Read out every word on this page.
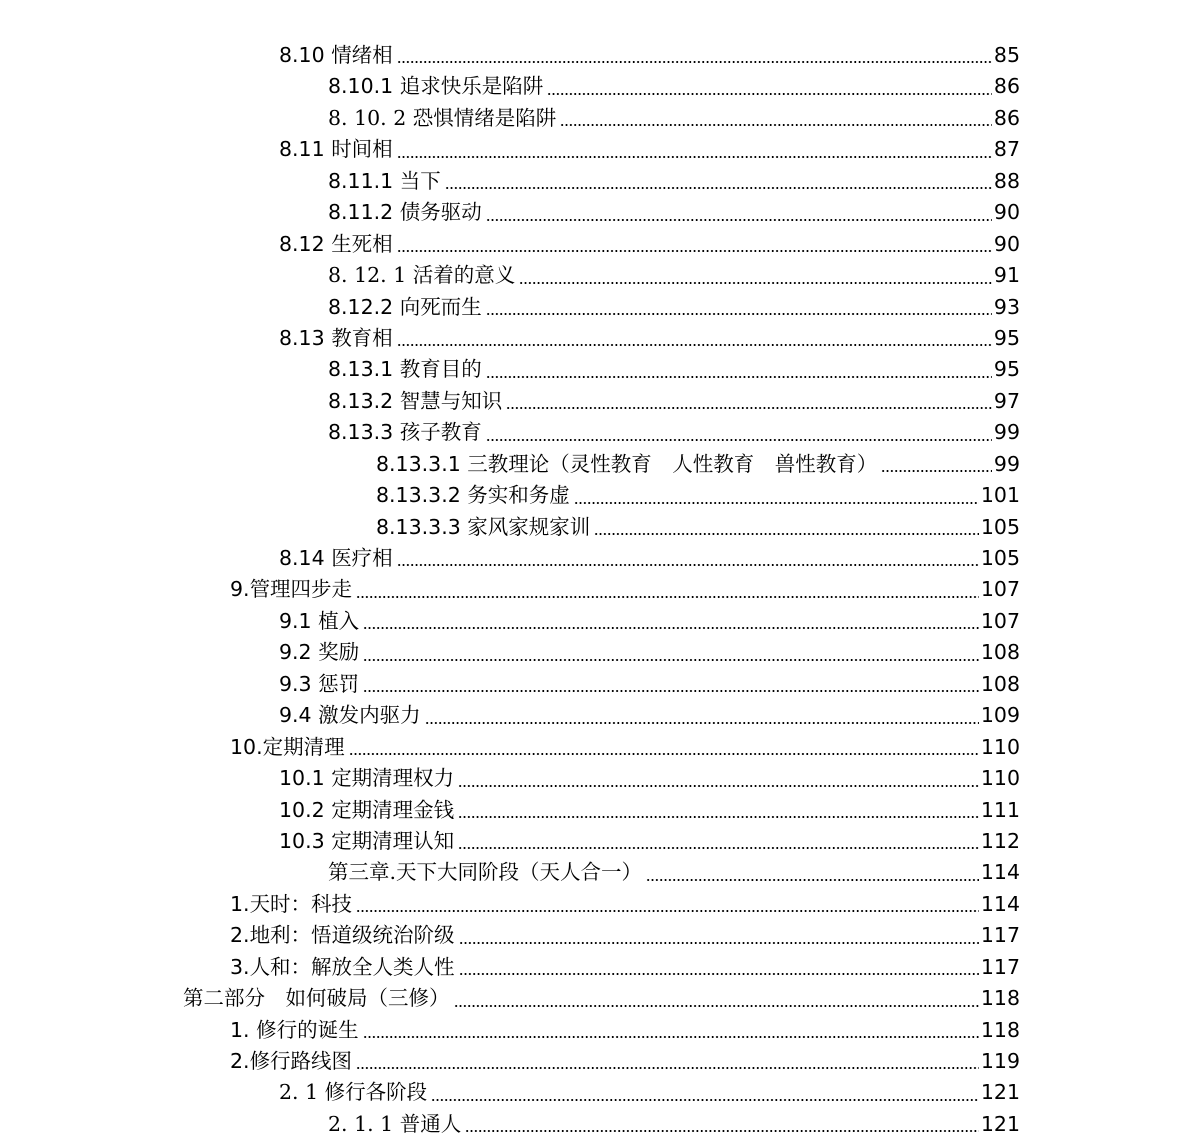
8.10 情绪相	85
8.10.1 追求快乐是陷阱	86
8. 10. 2 恐惧情绪是陷阱	86
8.11 时间相	87
8.11.1 当下	88
8.11.2 债务驱动	90
8.12 生死相	90
8. 12. 1 活着的意义	91
8.12.2 向死而生	93
8.13 教育相	95
8.13.1 教育目的	95
8.13.2 智慧与知识	97
8.13.3 孩子教育	99
8.13.3.1 三教理论（灵性教育　人性教育　兽性教育）	99
8.13.3.2 务实和务虚	101
8.13.3.3 家风家规家训	105
8.14 医疗相	105
9.管理四步走	107
9.1 植入	107
9.2 奖励	108
9.3 惩罚	108
9.4 激发内驱力	109
10.定期清理	110
10.1 定期清理权力	110
10.2 定期清理金钱	111
10.3 定期清理认知	112
第三章.天下大同阶段（天人合一）	114
1.天时：科技	114
2.地利：悟道级统治阶级	117
3.人和：解放全人类人性	117
第二部分　如何破局（三修）	118
1. 修行的诞生	118
2.修行路线图	119
2. 1 修行各阶段	121
2. 1. 1 普通人	121
